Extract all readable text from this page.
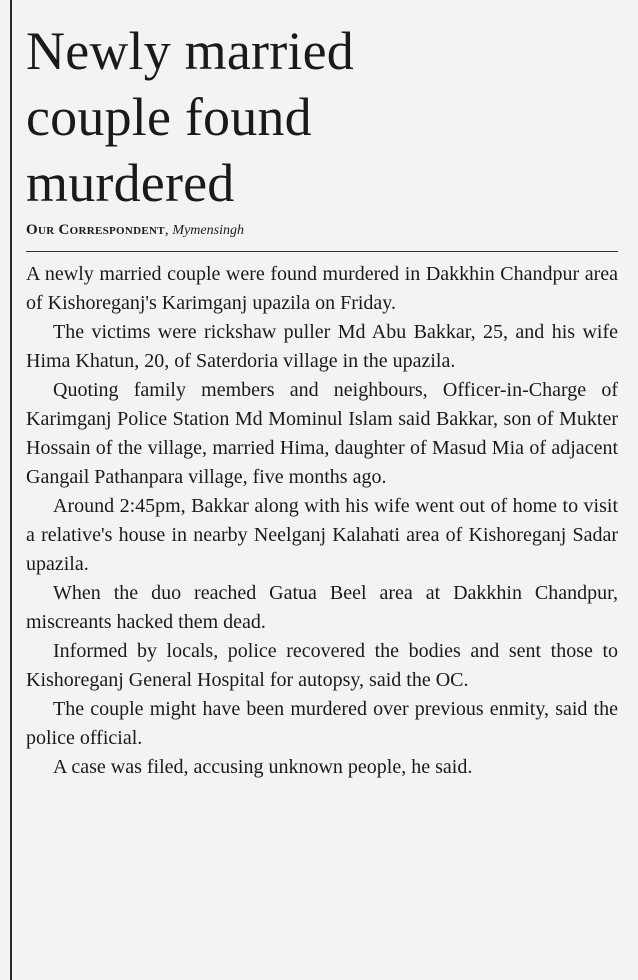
Newly married
couple found
murdered
Our Correspondent, Mymensingh

A newly married couple were found murdered in Dakkhin Chandpur area of Kishoreganj's Karimganj upazila on Friday.

The victims were rickshaw puller Md Abu Bakkar, 25, and his wife Hima Khatun, 20, of Saterdoria village in the upazila.

Quoting family members and neighbours, Officer-in-Charge of Karimganj Police Station Md Mominul Islam said Bakkar, son of Mukter Hossain of the village, married Hima, daughter of Masud Mia of adjacent Gangail Pathanpara village, five months ago.

Around 2:45pm, Bakkar along with his wife went out of home to visit a relative's house in nearby Neelganj Kalahati area of Kishoreganj Sadar upazila.

When the duo reached Gatua Beel area at Dakkhin Chandpur, miscreants hacked them dead.

Informed by locals, police recovered the bodies and sent those to Kishoreganj General Hospital for autopsy, said the OC.

The couple might have been murdered over previous enmity, said the police official.

A case was filed, accusing unknown people, he said.
